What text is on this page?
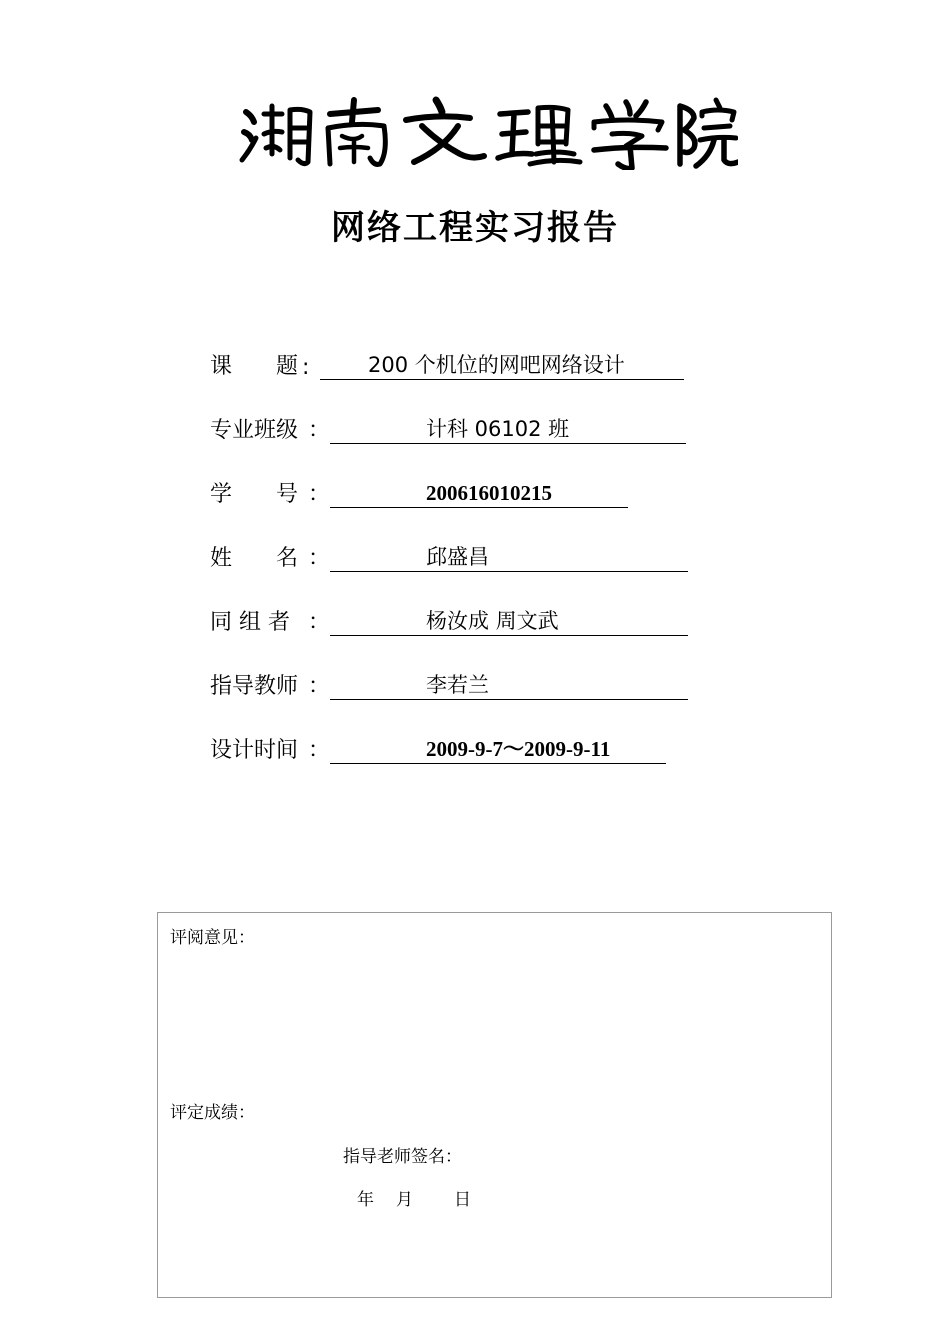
网络工程实习报告
课　　题 :	200 个机位的网吧网络设计
专业班级 ：	计科 06102 班
学　　号 ：	200616010215
姓　　名 ：	邱盛昌
同 组 者 ：	杨汝成 周文武
指导教师 ：	李若兰
设计时间 ：	2009-9-7～2009-9-11
评阅意见：
评定成绩：
指导老师签名：
年 月 日
